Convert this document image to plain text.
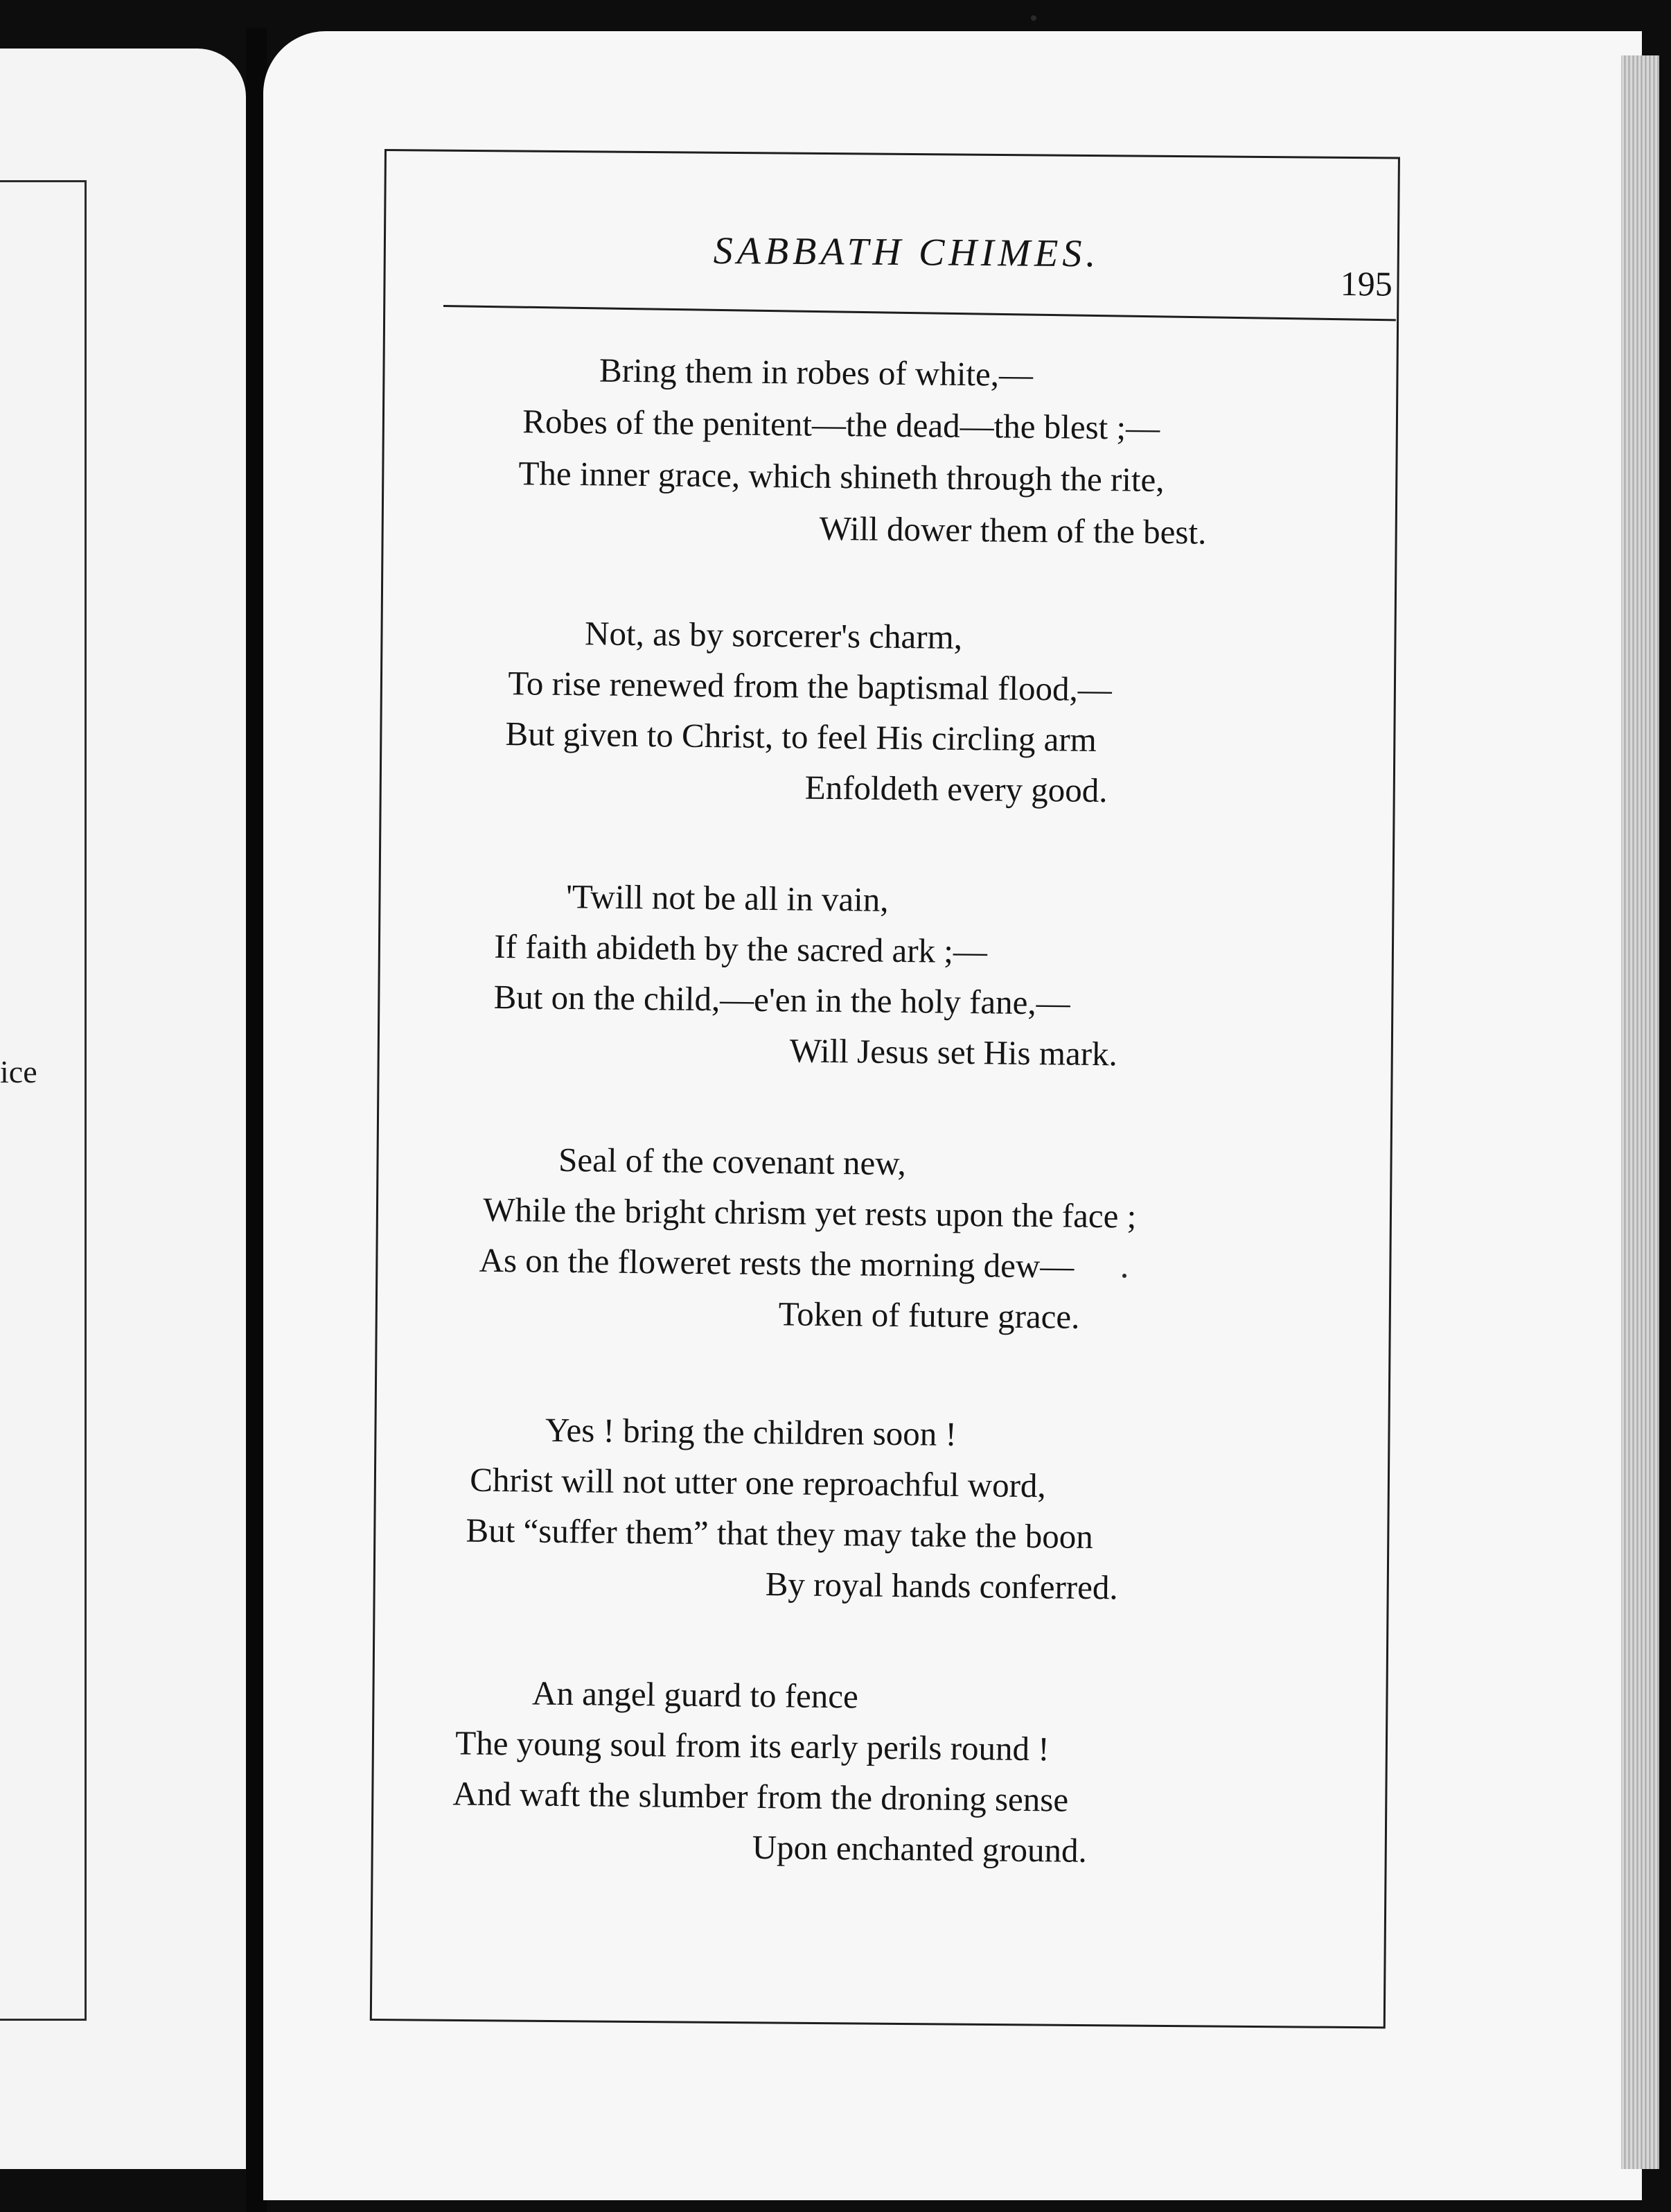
ice
SABBATH CHIMES.
195
Bring them in robes of white,—
Robes of the penitent—the dead—the blest ;—
The inner grace, which shineth through the rite,
Will dower them of the best.
Not, as by sorcerer's charm,
To rise renewed from the baptismal flood,—
But given to Christ, to feel His circling arm
Enfoldeth every good.
'Twill not be all in vain,
If faith abideth by the sacred ark ;—
But on the child,—e'en in the holy fane,—
Will Jesus set His mark.
Seal of the covenant new,
While the bright chrism yet rests upon the face ;
As on the floweret rests the morning dew—
Token of future grace.
Yes ! bring the children soon !
Christ will not utter one reproachful word,
But “suffer them” that they may take the boon
By royal hands conferred.
An angel guard to fence
The young soul from its early perils round !
And waft the slumber from the droning sense
Upon enchanted ground.
